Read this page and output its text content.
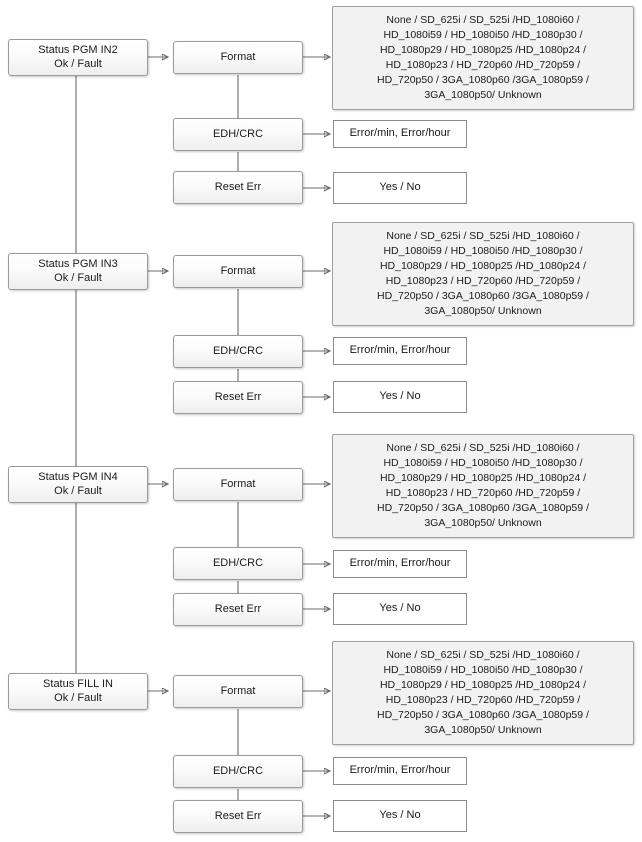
Status PGM IN2
Ok / Fault
Format
None / SD_625i / SD_525i /HD_1080i60 /
HD_1080i59 / HD_1080i50 /HD_1080p30 /
HD_1080p29 / HD_1080p25 /HD_1080p24 /
HD_1080p23 / HD_720p60 /HD_720p59 /
HD_720p50 / 3GA_1080p60 /3GA_1080p59 /
3GA_1080p50/ Unknown
EDH/CRC	Error/min, Error/hour
Reset Err	Yes / No
Status PGM IN3
Ok / Fault
Format
None / SD_625i / SD_525i /HD_1080i60 /
HD_1080i59 / HD_1080i50 /HD_1080p30 /
HD_1080p29 / HD_1080p25 /HD_1080p24 /
HD_1080p23 / HD_720p60 /HD_720p59 /
HD_720p50 / 3GA_1080p60 /3GA_1080p59 /
3GA_1080p50/ Unknown
EDH/CRC	Error/min, Error/hour
Reset Err	Yes / No
Status PGM IN4
Ok / Fault
Format
None / SD_625i / SD_525i /HD_1080i60 /
HD_1080i59 / HD_1080i50 /HD_1080p30 /
HD_1080p29 / HD_1080p25 /HD_1080p24 /
HD_1080p23 / HD_720p60 /HD_720p59 /
HD_720p50 / 3GA_1080p60 /3GA_1080p59 /
3GA_1080p50/ Unknown
EDH/CRC	Error/min, Error/hour
Reset Err	Yes / No
Status FILL IN
Ok / Fault
Format
None / SD_625i / SD_525i /HD_1080i60 /
HD_1080i59 / HD_1080i50 /HD_1080p30 /
HD_1080p29 / HD_1080p25 /HD_1080p24 /
HD_1080p23 / HD_720p60 /HD_720p59 /
HD_720p50 / 3GA_1080p60 /3GA_1080p59 /
3GA_1080p50/ Unknown
EDH/CRC	Error/min, Error/hour
Reset Err	Yes / No
